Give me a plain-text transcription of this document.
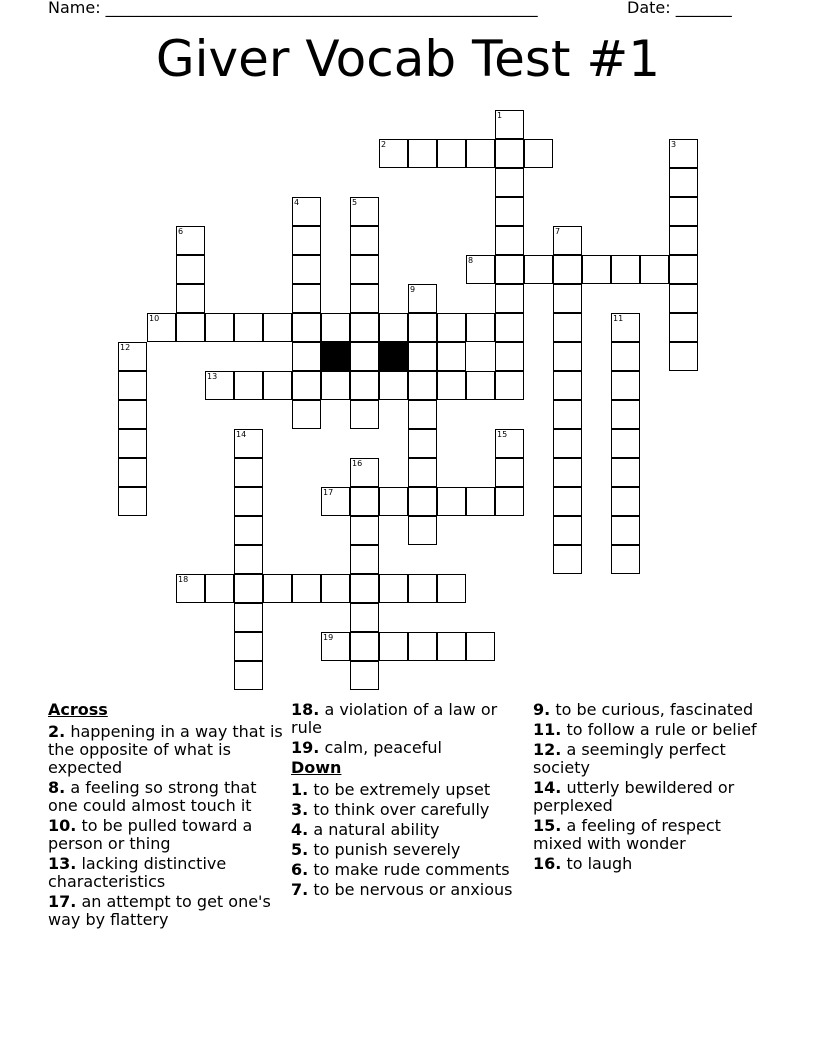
Name: ______________________________________________________	Date: _______
Giver Vocab Test #1
1
2	3
4	5
6	7
8
9
10	11
12
13
14	15
16
17
18
19
Across
2. happening in a way that is the opposite of what is expected
8. a feeling so strong that one could almost touch it
10. to be pulled toward a person or thing
13. lacking distinctive characteristics
17. an attempt to get one's way by flattery
18. a violation of a law or rule
19. calm, peaceful
Down
1. to be extremely upset
3. to think over carefully
4. a natural ability
5. to punish severely
6. to make rude comments
7. to be nervous or anxious
9. to be curious, fascinated
11. to follow a rule or belief
12. a seemingly perfect society
14. utterly bewildered or perplexed
15. a feeling of respect mixed with wonder
16. to laugh
